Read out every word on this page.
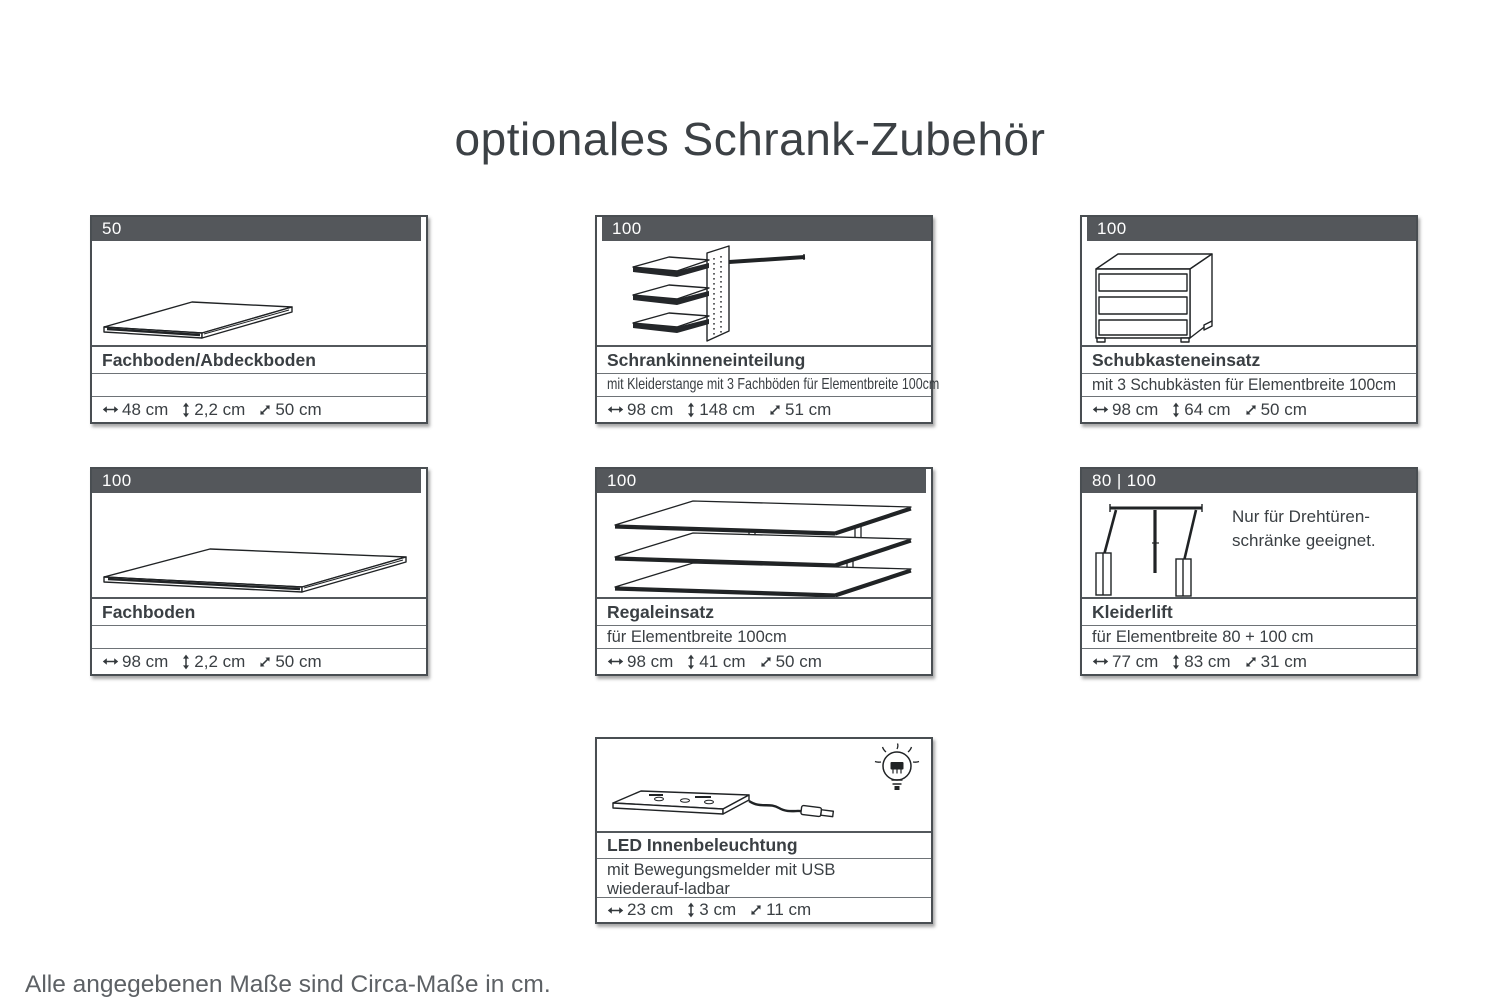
optionales Schrank-Zubehör
50
Fachboden/Abdeckboden
48 cm 2,2 cm 50 cm
100
Schrankinneneinteilung
mit Kleiderstange mit 3 Fachböden für Elementbreite 100cm
98 cm 148 cm 51 cm
100
Schubkasteneinsatz
mit 3 Schubkästen für Elementbreite 100cm
98 cm 64 cm 50 cm
100
Fachboden
98 cm 2,2 cm 50 cm
100
Regaleinsatz
für Elementbreite 100cm
98 cm 41 cm 50 cm
80 | 100
Nur für Drehtüren-schränke geeignet.
Kleiderlift
für Elementbreite 80 + 100 cm
77 cm 83 cm 31 cm
LED Innenbeleuchtung
mit Bewegungsmelder mit USB wiederauf-ladbar
23 cm 3 cm 11 cm

Alle angegebenen Maße sind Circa-Maße in cm.
